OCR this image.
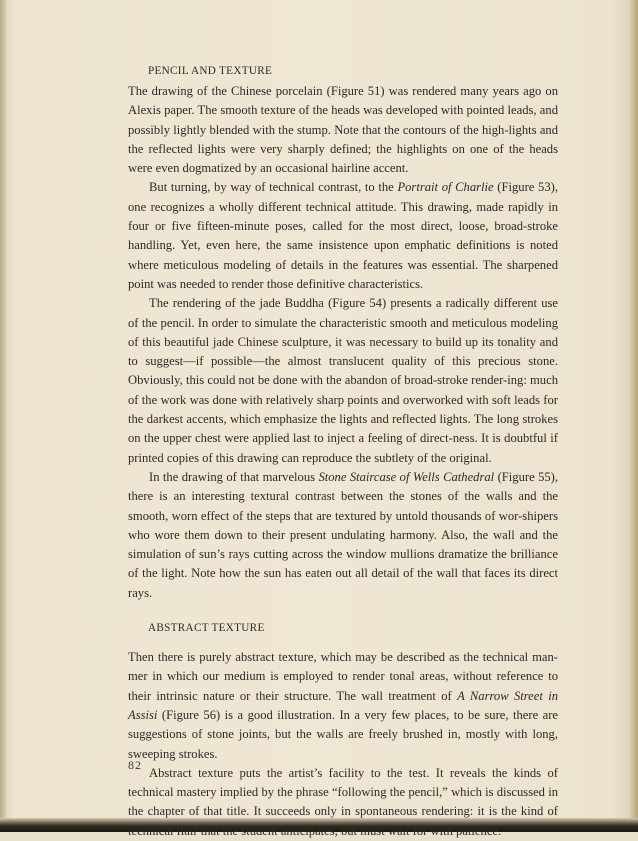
PENCIL AND TEXTURE

The drawing of the Chinese porcelain (Figure 51) was rendered many years ago on Alexis paper. The smooth texture of the heads was developed with pointed leads, and possibly lightly blended with the stump. Note that the contours of the high-lights and the reflected lights were very sharply defined; the highlights on one of the heads were even dogmatized by an occasional hairline accent.

But turning, by way of technical contrast, to the Portrait of Charlie (Figure 53), one recognizes a wholly different technical attitude. This drawing, made rapidly in four or five fifteen-minute poses, called for the most direct, loose, broad-stroke handling. Yet, even here, the same insistence upon emphatic definitions is noted where meticulous modeling of details in the features was essential. The sharpened point was needed to render those definitive characteristics.

The rendering of the jade Buddha (Figure 54) presents a radically different use of the pencil. In order to simulate the characteristic smooth and meticulous modeling of this beautiful jade Chinese sculpture, it was necessary to build up its tonality and to suggest—if possible—the almost translucent quality of this precious stone. Obviously, this could not be done with the abandon of broad-stroke render-ing: much of the work was done with relatively sharp points and overworked with soft leads for the darkest accents, which emphasize the lights and reflected lights. The long strokes on the upper chest were applied last to inject a feeling of direct-ness. It is doubtful if printed copies of this drawing can reproduce the subtlety of the original.

In the drawing of that marvelous Stone Staircase of Wells Cathedral (Figure 55), there is an interesting textural contrast between the stones of the walls and the smooth, worn effect of the steps that are textured by untold thousands of wor-shipers who wore them down to their present undulating harmony. Also, the wall and the simulation of sun’s rays cutting across the window mullions dramatize the brilliance of the light. Note how the sun has eaten out all detail of the wall that faces its direct rays.

ABSTRACT TEXTURE

Then there is purely abstract texture, which may be described as the technical man-mer in which our medium is employed to render tonal areas, without reference to their intrinsic nature or their structure. The wall treatment of A Narrow Street in Assisi (Figure 56) is a good illustration. In a very few places, to be sure, there are suggestions of stone joints, but the walls are freely brushed in, mostly with long, sweeping strokes.

Abstract texture puts the artist’s facility to the test. It reveals the kinds of technical mastery implied by the phrase “following the pencil,” which is discussed in the chapter of that title. It succeeds only in spontaneous rendering: it is the kind of technical flair that the student anticipates, but must wait for with patience.

82
